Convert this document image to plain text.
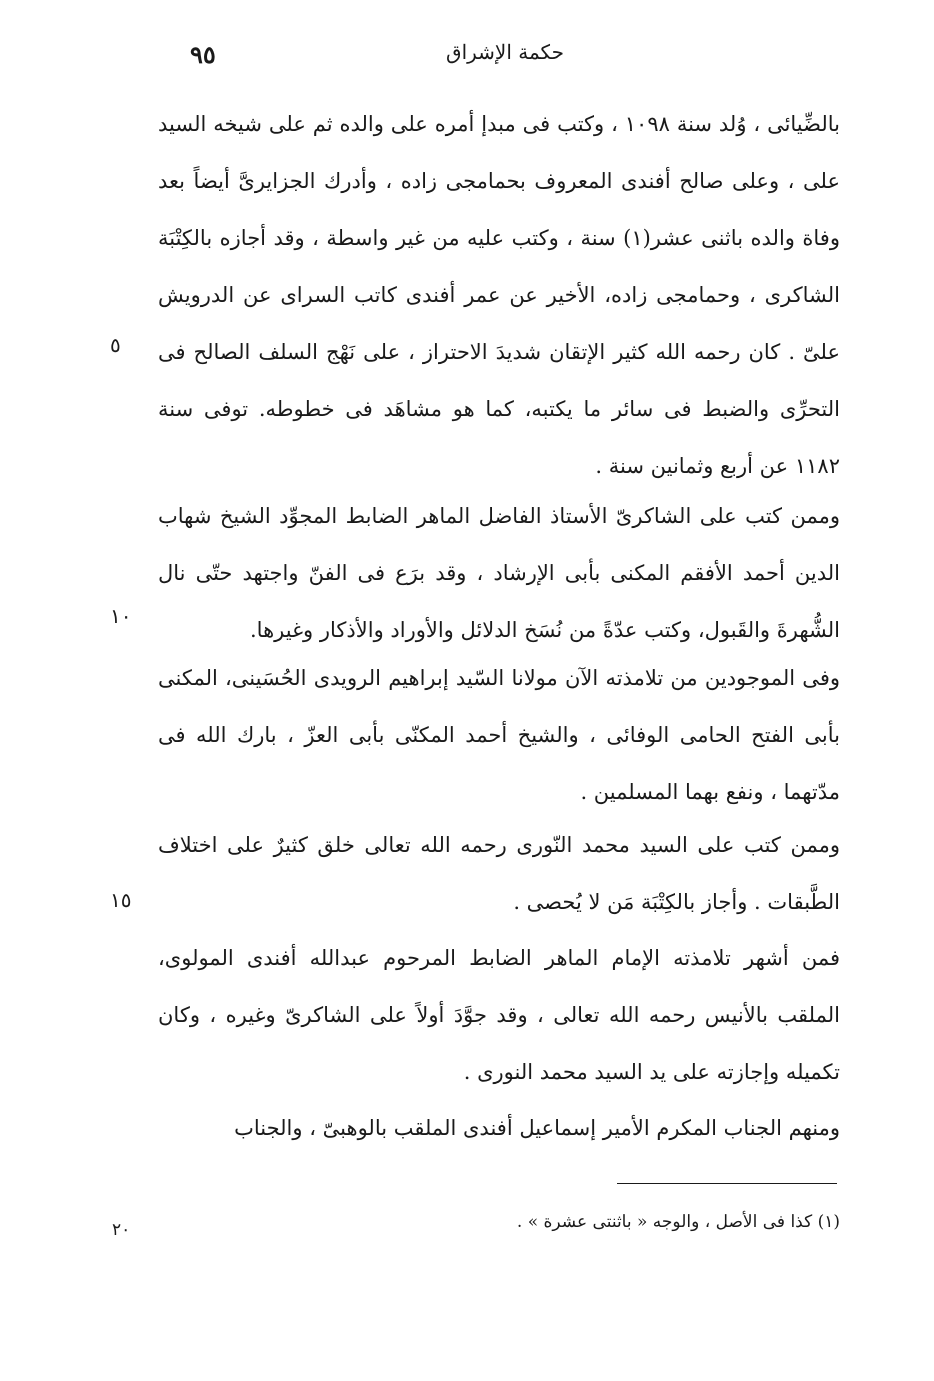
حكمة الإشراق
٩٥

بالضِّيائى ، وُلد سنة ١٠٩٨ ، وكتب فى مبدإ أمره على والده ثم على شيخه السيد على ، وعلى صالح أفندى المعروف بحمامجى زاده ، وأدرك الجزايرىَّ أيضاً بعد وفاة والده باثنى عشر(١) سنة ، وكتب عليه من غير واسطة ، وقد أجازه بالكِتْبَة الشاكرى ، وحمامجى زاده، الأخير عن عمر أفندى كاتب السراى عن الدرويش علىّ . كان رحمه الله كثير الإتقان شديدَ الاحتراز ، على نَهْج السلف الصالح فى التحرِّى والضبط فى سائر ما يكتبه، كما هو مشاهَد فى خطوطه. توفى سنة ١١٨٢ عن أربع وثمانين سنة .

وممن كتب على الشاكرىّ الأستاذ الفاضل الماهر الضابط المجوِّد الشيخ شهاب الدين أحمد الأفقم المكنى بأبى الإرشاد ، وقد برَع فى الفنّ واجتهد حتّى نال الشُّهرةَ والقَبول، وكتب عدّةً من نُسَخ الدلائل والأوراد والأذكار وغيرها.

وفى الموجودين من تلامذته الآن مولانا السّيد إبراهيم الرويدى الحُسَينى، المكنى بأبى الفتح الحامى الوفائى ، والشيخ أحمد المكنّى بأبى العزّ ، بارك الله فى مدّتهما ، ونفع بهما المسلمين .

وممن كتب على السيد محمد النّورى رحمه الله تعالى خلق كثيرٌ على اختلاف الطَّبقات . وأجاز بالكِتْبَة مَن لا يُحصى .

فمن أشهر تلامذته الإمام الماهر الضابط المرحوم عبدالله أفندى المولوى، الملقب بالأنيس رحمه الله تعالى ، وقد جوَّدَ أولاً على الشاكرىّ وغيره ، وكان تكميله وإجازته على يد السيد محمد النورى .

ومنهم الجناب المكرم الأمير إسماعيل أفندى الملقب بالوهبىّ ، والجناب

٥
١٠
١٥
(١) كذا فى الأصل ، والوجه « باثنتى عشرة » .
٢٠
